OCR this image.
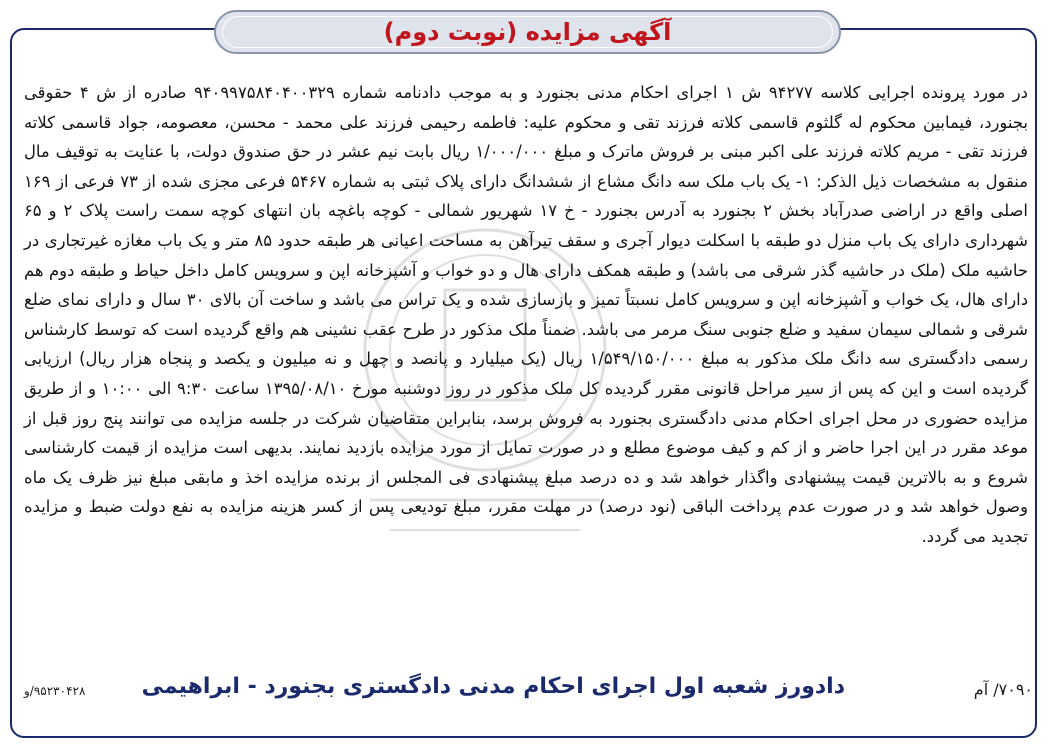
آگهی مزایده (نوبت دوم)

در مورد پرونده اجرایی کلاسه ۹۴۲۷۷ ش ۱ اجرای احکام مدنی بجنورد و به موجب دادنامه شماره ۹۴۰۹۹۷۵۸۴۰۴۰۰۳۲۹ صادره از ش ۴ حقوقی بجنورد، فیمابین محکوم له گلثوم قاسمی کلاته فرزند تقی و محکوم علیه: فاطمه رحیمی فرزند علی محمد - محسن، معصومه، جواد قاسمی کلاته فرزند تقی - مریم کلاته فرزند علی اکبر مبنی بر فروش ماترک و مبلغ ۱/۰۰۰/۰۰۰ ریال بابت نیم عشر در حق صندوق دولت، با عنایت به توقیف مال منقول به مشخصات ذیل الذکر: ۱- یک باب ملک سه دانگ مشاع از ششدانگ دارای پلاک ثبتی به شماره ۵۴۶۷ فرعی مجزی شده از ۷۳ فرعی از ۱۶۹ اصلی واقع در اراضی صدرآباد بخش ۲ بجنورد به آدرس بجنورد - خ ۱۷ شهریور شمالی - کوچه باغچه بان انتهای کوچه سمت راست پلاک ۲ و ۶۵ شهرداری دارای یک باب منزل دو طبقه با اسکلت دیوار آجری و سقف تیرآهن به مساحت اعیانی هر طبقه حدود ۸۵ متر و یک باب مغازه غیرتجاری در حاشیه ملک (ملک در حاشیه گذر شرقی می باشد) و طبقه همکف دارای هال و دو خواب و آشپزخانه اپن و سرویس کامل داخل حیاط و طبقه دوم هم دارای هال، یک خواب و آشپزخانه اپن و سرویس کامل نسبتاً تمیز و بازسازی شده و یک تراس می باشد و ساخت آن بالای ۳۰ سال و دارای نمای ضلع شرقی و شمالی سیمان سفید و ضلع جنوبی سنگ مرمر می باشد. ضمناً ملک مذکور در طرح عقب نشینی هم واقع گردیده است که توسط کارشناس رسمی دادگستری سه دانگ ملک مذکور به مبلغ ۱/۵۴۹/۱۵۰/۰۰۰ ریال (یک میلیارد و پانصد و چهل و نه میلیون و یکصد و پنجاه هزار ریال) ارزیابی گردیده است و این که پس از سیر مراحل قانونی مقرر گردیده کل ملک مذکور در روز دوشنبه مورخ ۱۳۹۵/۰۸/۱۰ ساعت ۹:۳۰ الی ۱۰:۰۰ و از طریق مزایده حضوری در محل اجرای احکام مدنی دادگستری بجنورد به فروش برسد، بنابراین متقاضیان شرکت در جلسه مزایده می توانند پنج روز قبل از موعد مقرر در این اجرا حاضر و از کم و کیف موضوع مطلع و در صورت تمایل از مورد مزایده بازدید نمایند. بدیهی است مزایده از قیمت کارشناسی شروع و به بالاترین قیمت پیشنهادی واگذار خواهد شد و ده درصد مبلغ پیشنهادی فی المجلس از برنده مزایده اخذ و مابقی مبلغ نیز ظرف یک ماه وصول خواهد شد و در صورت عدم پرداخت الباقی (نود درصد) در مهلت مقرر، مبلغ تودیعی پس از کسر هزینه مزایده به نفع دولت ضبط و مزایده تجدید می گردد.

۷۰۹۰/ آم
دادورز شعبه اول اجرای احکام مدنی دادگستری بجنورد - ابراهیمی
۹۵۲۳۰۴۲۸/و
